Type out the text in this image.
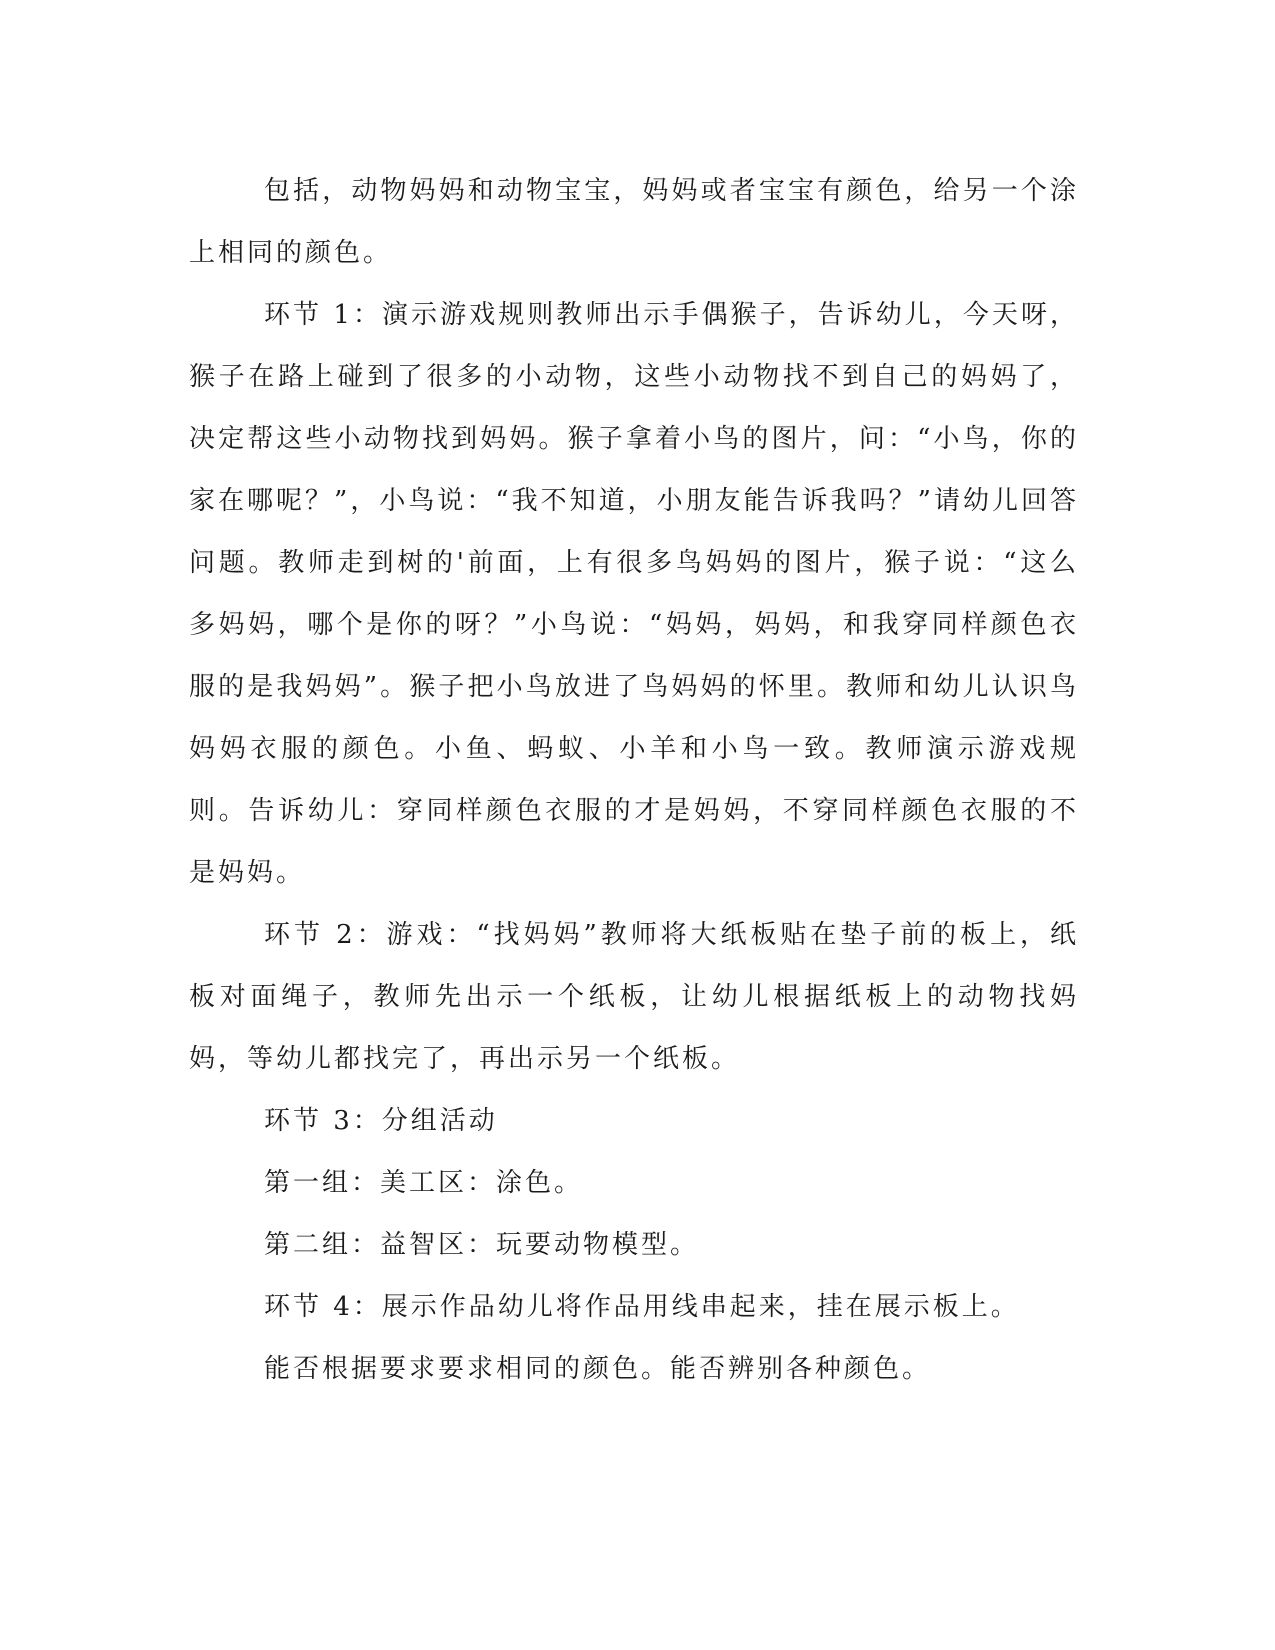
包括，动物妈妈和动物宝宝，妈妈或者宝宝有颜色，给另一个涂上相同的颜色。

环节 1：演示游戏规则教师出示手偶猴子，告诉幼儿，今天呀，猴子在路上碰到了很多的小动物，这些小动物找不到自己的妈妈了，决定帮这些小动物找到妈妈。猴子拿着小鸟的图片，问：“小鸟，你的家在哪呢？”，小鸟说：“我不知道，小朋友能告诉我吗？”请幼儿回答问题。教师走到树的'前面，上有很多鸟妈妈的图片，猴子说：“这么多妈妈，哪个是你的呀？”小鸟说：“妈妈，妈妈，和我穿同样颜色衣服的是我妈妈”。猴子把小鸟放进了鸟妈妈的怀里。教师和幼儿认识鸟妈妈衣服的颜色。小鱼、蚂蚁、小羊和小鸟一致。教师演示游戏规则。告诉幼儿：穿同样颜色衣服的才是妈妈，不穿同样颜色衣服的不是妈妈。

环节 2：游戏：“找妈妈”教师将大纸板贴在垫子前的板上，纸板对面绳子，教师先出示一个纸板，让幼儿根据纸板上的动物找妈妈，等幼儿都找完了，再出示另一个纸板。

环节 3：分组活动

第一组：美工区：涂色。

第二组：益智区：玩要动物模型。

环节 4：展示作品幼儿将作品用线串起来，挂在展示板上。

能否根据要求要求相同的颜色。能否辨别各种颜色。
